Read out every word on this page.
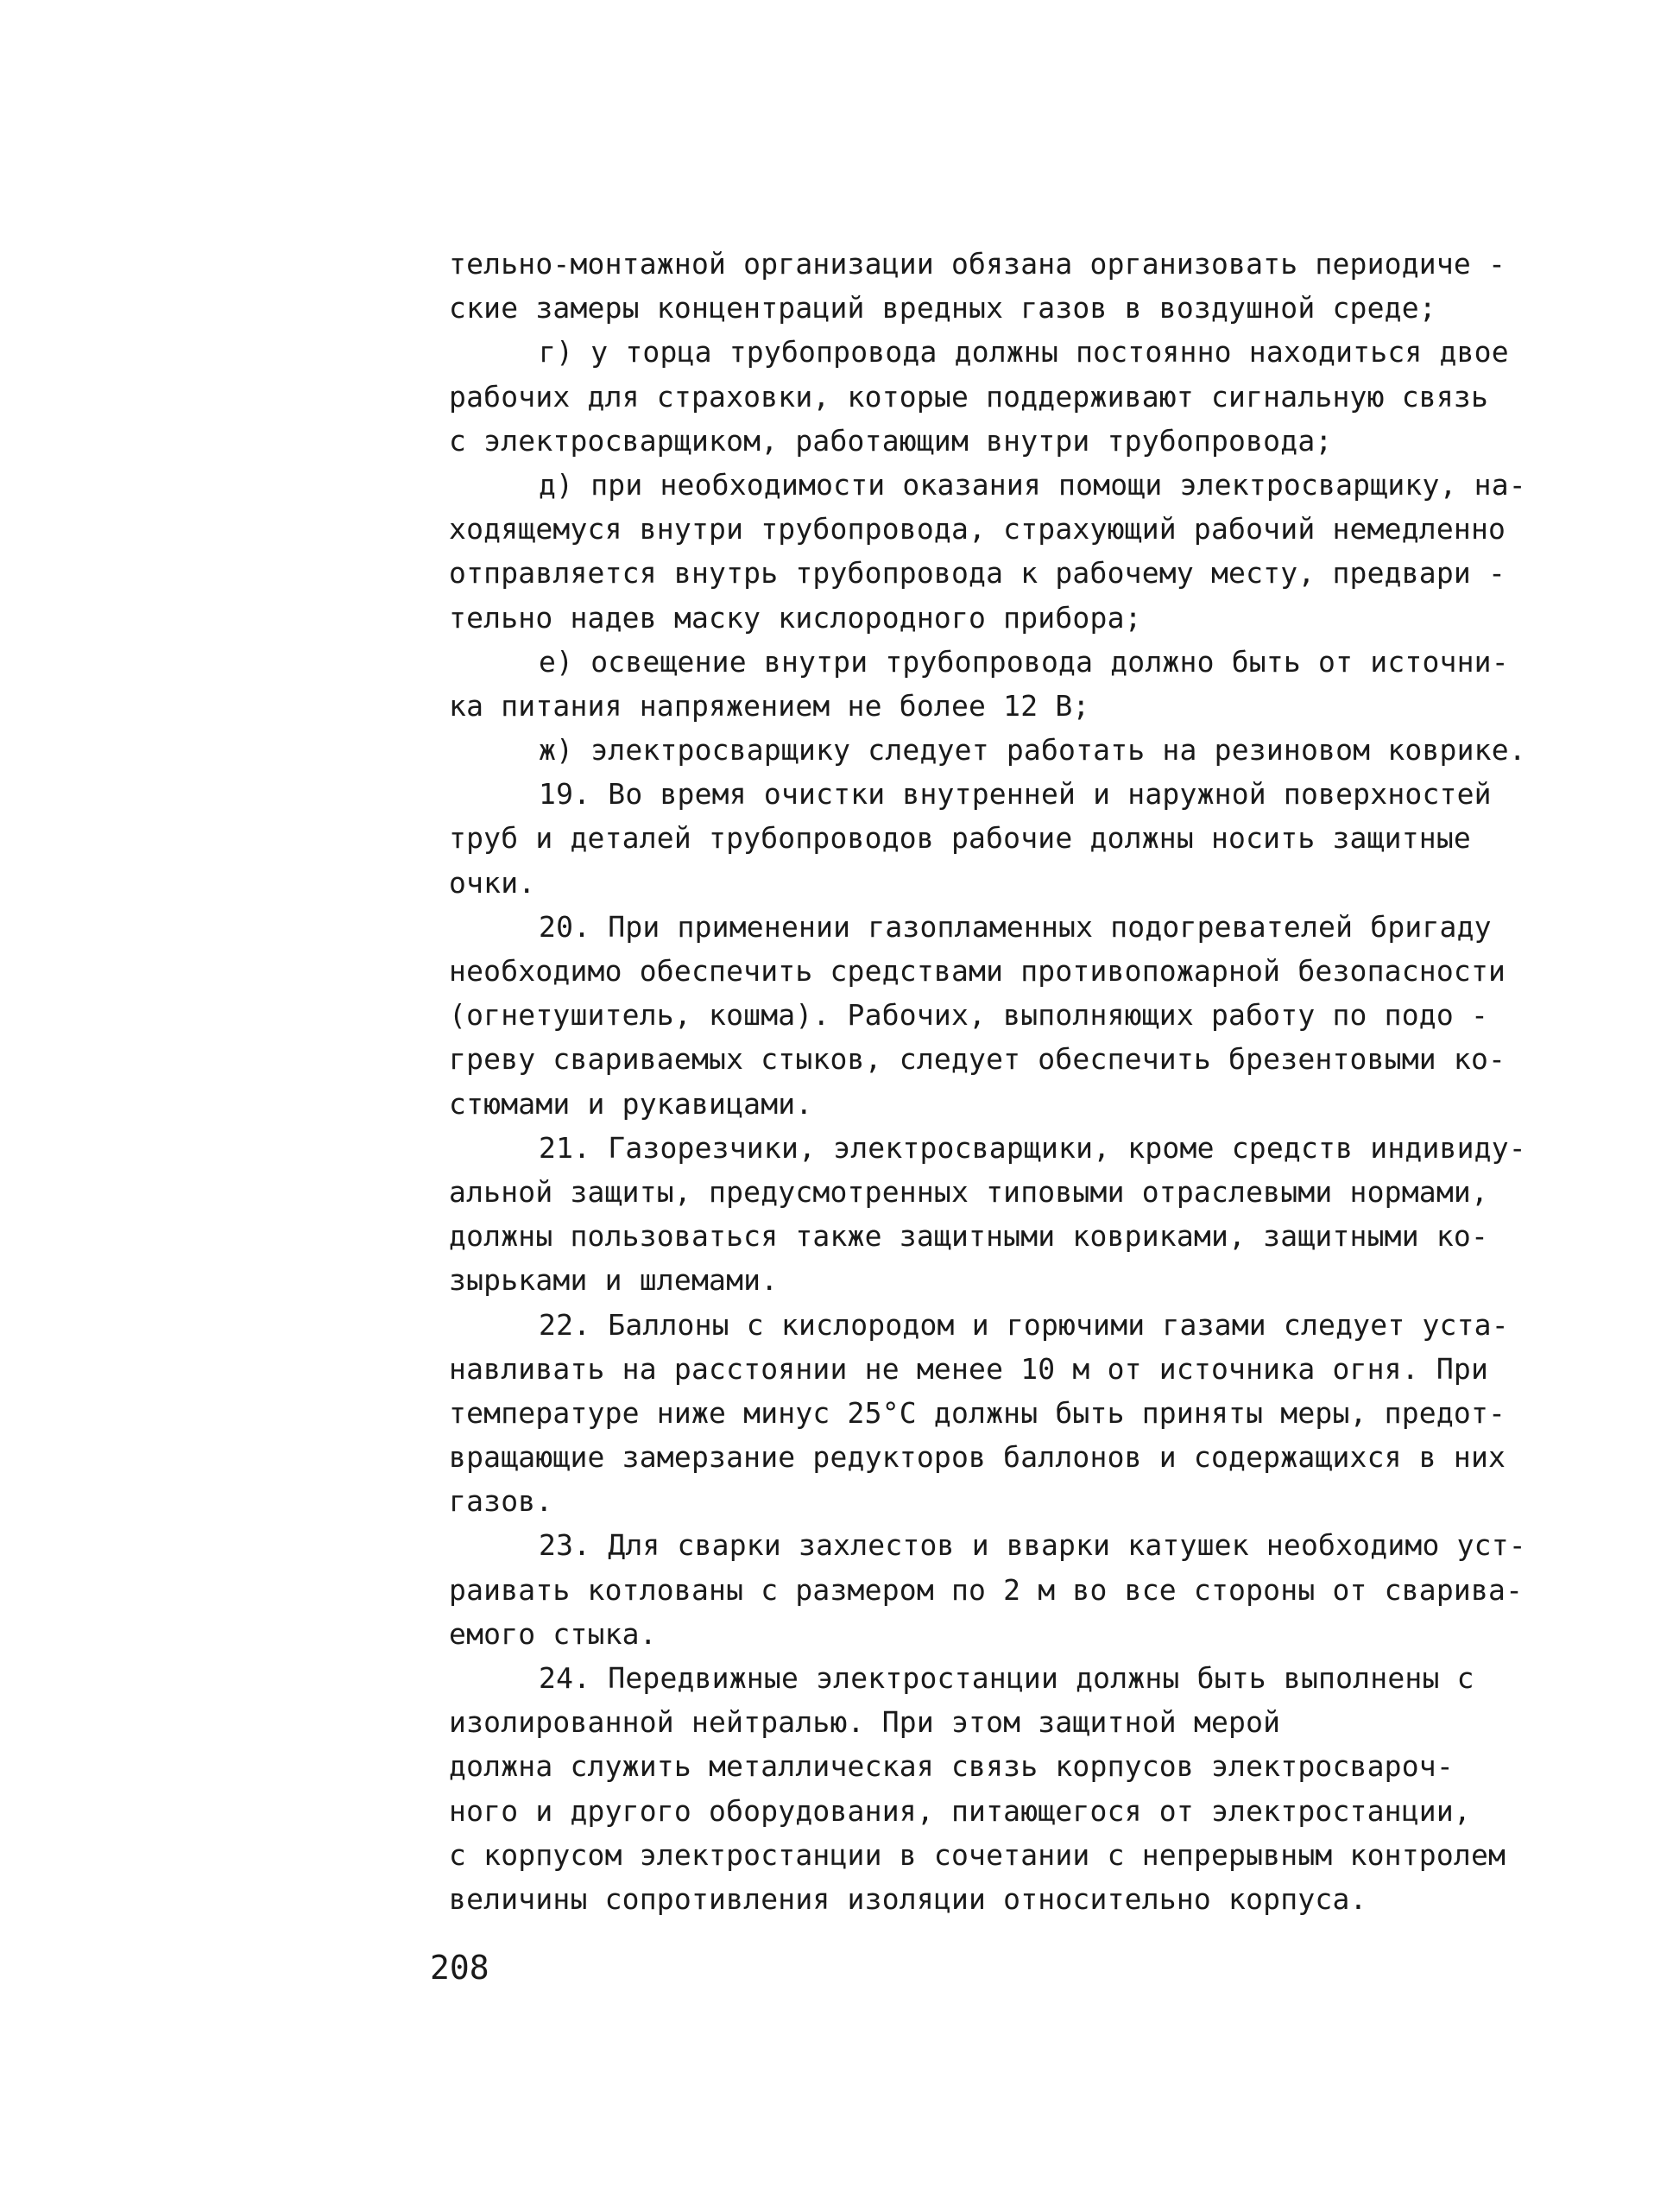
тельно-монтажной организации обязана организовать периодиче -
ские замеры концентраций вредных газов в воздушной среде;
г) у торца трубопровода должны постоянно находиться двое
рабочих для страховки, которые поддерживают сигнальную связь
с электросварщиком, работающим внутри трубопровода;
д) при необходимости оказания помощи электросварщику, на-
ходящемуся внутри трубопровода, страхующий рабочий немедленно
отправляется внутрь трубопровода к рабочему месту, предвари -
тельно надев маску кислородного прибора;
е) освещение внутри трубопровода должно быть от источни-
ка питания напряжением не более 12 В;
ж) электросварщику следует работать на резиновом коврике.
19. Во время очистки внутренней и наружной поверхностей
труб и деталей трубопроводов рабочие должны носить защитные
очки.
20. При применении газопламенных подогревателей бригаду
необходимо обеспечить средствами противопожарной безопасности
(огнетушитель, кошма). Рабочих, выполняющих работу по подо -
греву свариваемых стыков, следует обеспечить брезентовыми ко-
стюмами и рукавицами.
21. Газорезчики, электросварщики, кроме средств индивиду-
альной защиты, предусмотренных типовыми отраслевыми нормами,
должны пользоваться также защитными ковриками, защитными ко-
зырьками и шлемами.
22. Баллоны с кислородом и горючими газами следует уста-
навливать на расстоянии не менее 10 м от источника огня. При
температуре ниже минус 25°С должны быть приняты меры, предот-
вращающие замерзание редукторов баллонов и содержащихся в них
газов.
23. Для сварки захлестов и вварки катушек необходимо уст-
раивать котлованы с размером по 2 м во все стороны от сварива-
емого стыка.
24. Передвижные электростанции должны быть выполнены с
изолированной нейтралью. При этом защитной мерой
должна служить металлическая связь корпусов электросвароч-
ного и другого оборудования, питающегося от электростанции,
с корпусом электростанции в сочетании с непрерывным контролем
величины сопротивления изоляции относительно корпуса.
208
